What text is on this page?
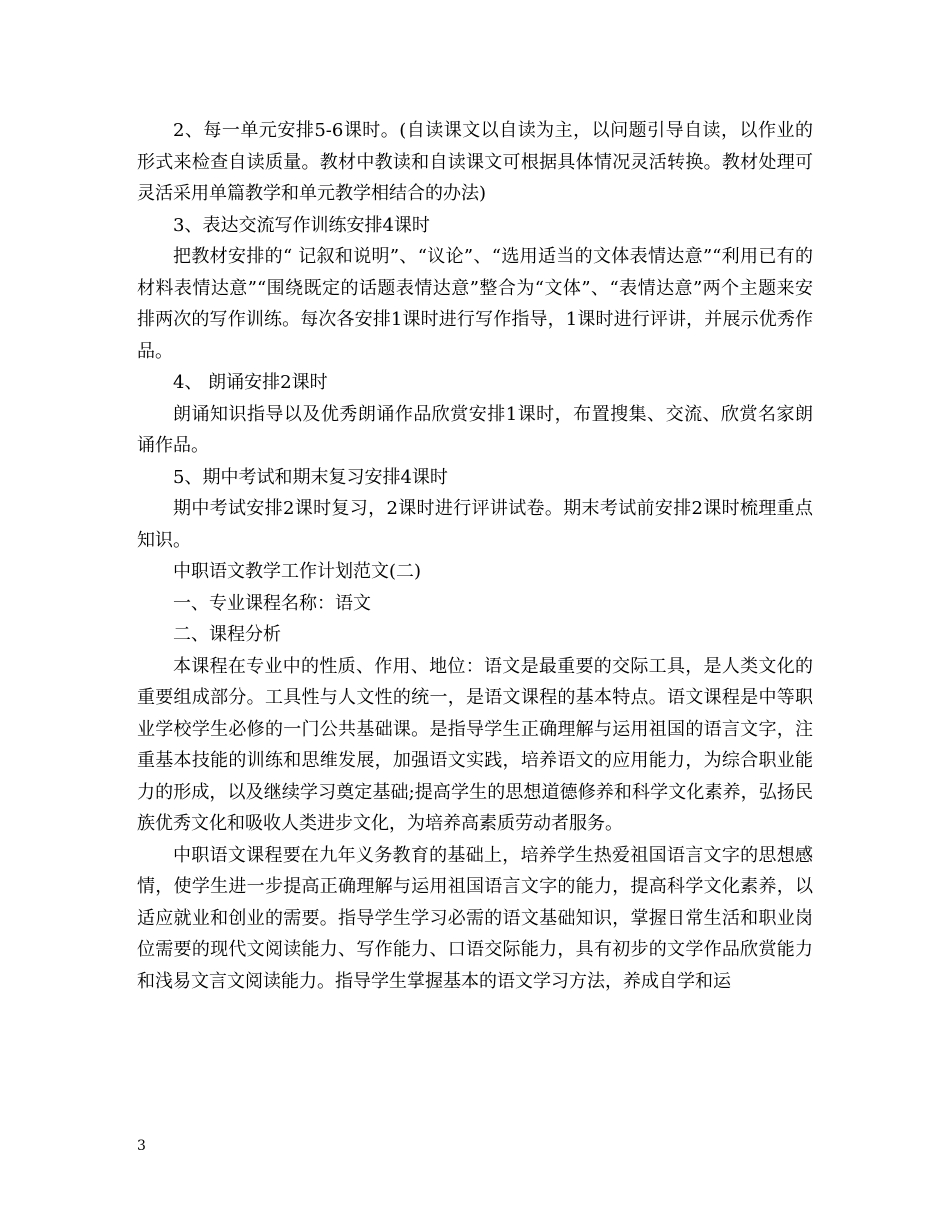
2、每一单元安排5-6课时。(自读课文以自读为主，以问题引导自读，以作业的形式来检查自读质量。教材中教读和自读课文可根据具体情况灵活转换。教材处理可灵活采用单篇教学和单元教学相结合的办法)

3、表达交流写作训练安排4课时

把教材安排的“ 记叙和说明”、“议论”、“选用适当的文体表情达意”“利用已有的材料表情达意”“围绕既定的话题表情达意”整合为“文体”、“表情达意”两个主题来安排两次的写作训练。每次各安排1课时进行写作指导，1课时进行评讲，并展示优秀作品。

4、 朗诵安排2课时

朗诵知识指导以及优秀朗诵作品欣赏安排1课时，布置搜集、交流、欣赏名家朗诵作品。

5、期中考试和期末复习安排4课时

期中考试安排2课时复习，2课时进行评讲试卷。期末考试前安排2课时梳理重点知识。

中职语文教学工作计划范文(二)

一、专业课程名称：语文

二、课程分析

本课程在专业中的性质、作用、地位：语文是最重要的交际工具，是人类文化的重要组成部分。工具性与人文性的统一，是语文课程的基本特点。语文课程是中等职业学校学生必修的一门公共基础课。是指导学生正确理解与运用祖国的语言文字，注重基本技能的训练和思维发展，加强语文实践，培养语文的应用能力，为综合职业能力的形成，以及继续学习奠定基础;提高学生的思想道德修养和科学文化素养，弘扬民族优秀文化和吸收人类进步文化，为培养高素质劳动者服务。

中职语文课程要在九年义务教育的基础上，培养学生热爱祖国语言文字的思想感情，使学生进一步提高正确理解与运用祖国语言文字的能力，提高科学文化素养，以适应就业和创业的需要。指导学生学习必需的语文基础知识，掌握日常生活和职业岗位需要的现代文阅读能力、写作能力、口语交际能力，具有初步的文学作品欣赏能力和浅易文言文阅读能力。指导学生掌握基本的语文学习方法，养成自学和运

3
